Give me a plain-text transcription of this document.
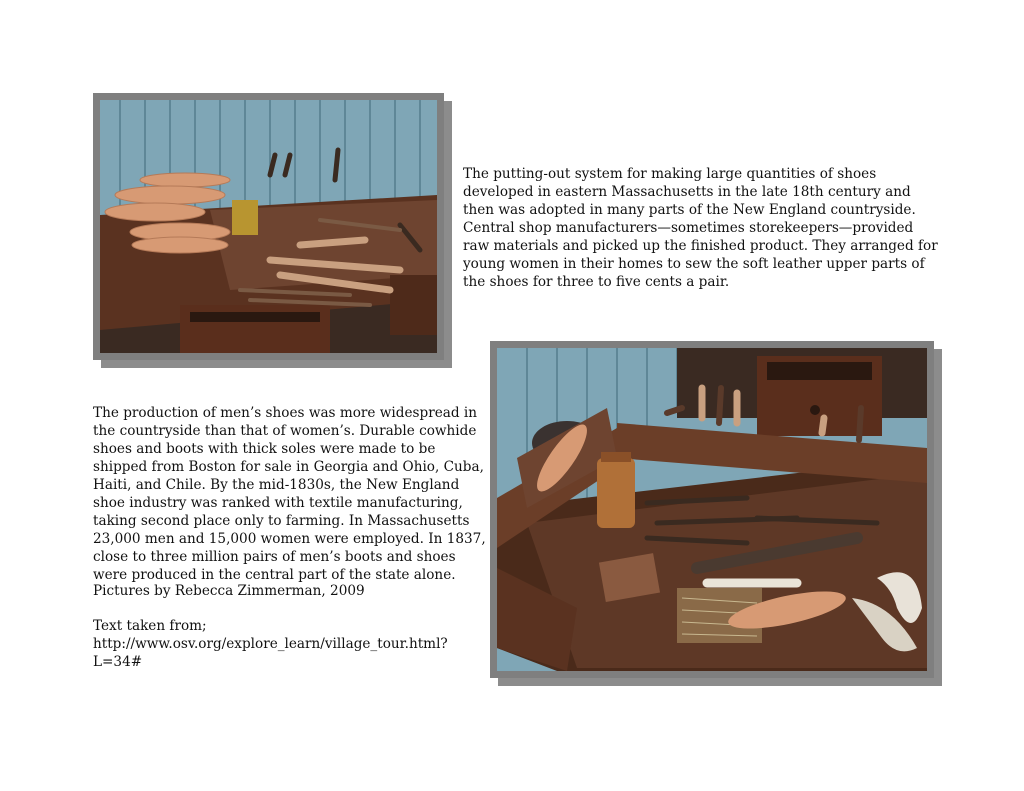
The putting-out system for making large quantities of shoes developed in eastern Massachusetts in the late 18th century and then was adopted in many parts of the New England countryside. Central shop manufacturers—sometimes storekeepers—provided raw materials and picked up the finished product. They arranged for young women in their homes to sew the soft leather upper parts of the shoes for three to five cents a pair.

The production of men’s shoes was more widespread in the countryside than that of women’s. Durable cowhide shoes and boots with thick soles were made to be shipped from Boston for sale in Georgia and Ohio, Cuba, Haiti, and Chile. By the mid-1830s, the New England shoe industry was ranked with textile manufacturing, taking second place only to farming. In Massachusetts 23,000 men and 15,000 women were employed. In 1837, close to three million pairs of men’s boots and shoes were produced in the central part of the state alone.

Pictures by Rebecca Zimmerman, 2009

Text taken from;
http://www.osv.org/explore_learn/village_tour.html?L=34#
